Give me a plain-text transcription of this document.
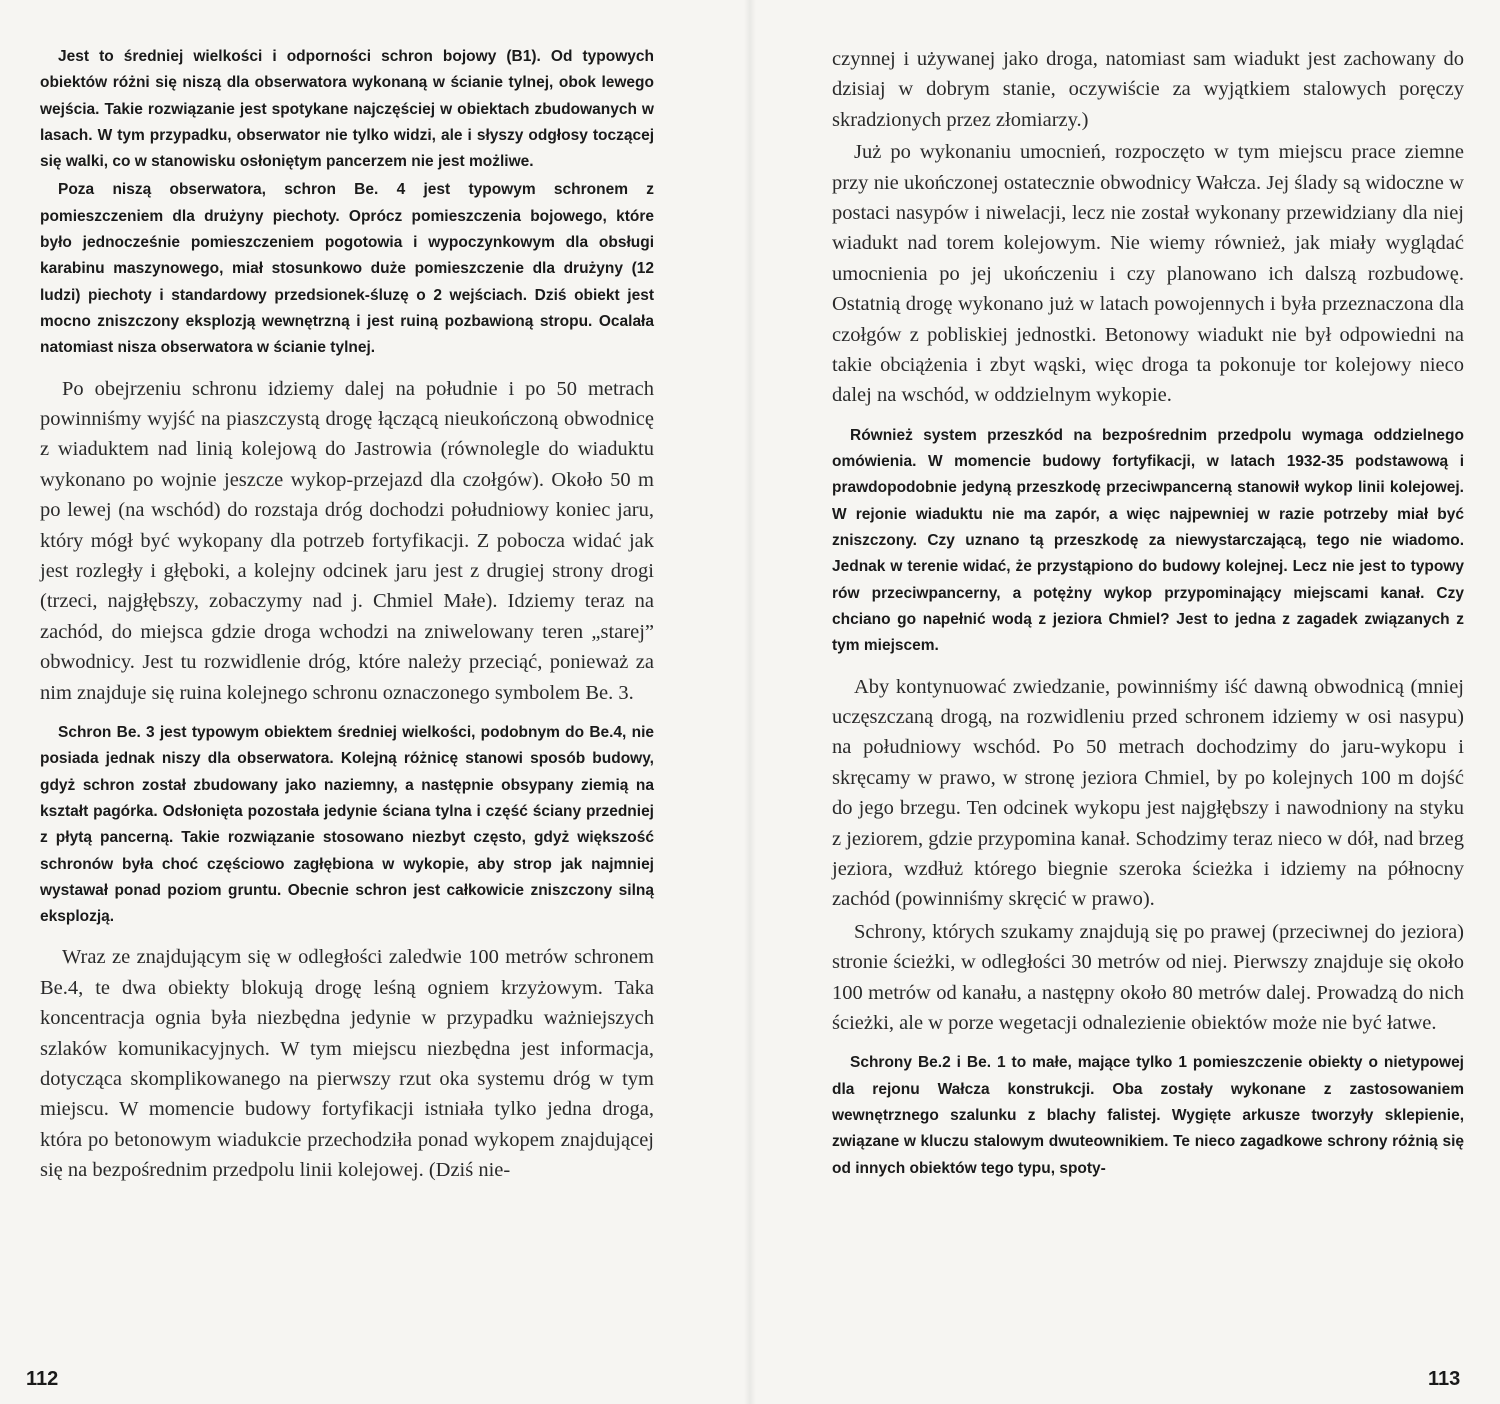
Jest to średniej wielkości i odporności schron bojowy (B1). Od typowych obiektów różni się niszą dla obserwatora wykonaną w ścianie tylnej, obok lewego wejścia. Takie rozwiązanie jest spotykane najczęściej w obiektach zbudowanych w lasach. W tym przypadku, obserwator nie tylko widzi, ale i słyszy odgłosy toczącej się walki, co w stanowisku osłoniętym pancerzem nie jest możliwe.

Poza niszą obserwatora, schron Be. 4 jest typowym schronem z pomieszczeniem dla drużyny piechoty. Oprócz pomieszczenia bojowego, które było jednocześnie pomieszczeniem pogotowia i wypoczynkowym dla obsługi karabinu maszynowego, miał stosunkowo duże pomieszczenie dla drużyny (12 ludzi) piechoty i standardowy przedsionek-śluzę o 2 wejściach. Dziś obiekt jest mocno zniszczony eksplozją wewnętrzną i jest ruiną pozbawioną stropu. Ocalała natomiast nisza obserwatora w ścianie tylnej.

Po obejrzeniu schronu idziemy dalej na południe i po 50 metrach powinniśmy wyjść na piaszczystą drogę łączącą nieukończoną obwodnicę z wiaduktem nad linią kolejową do Jastrowia (równolegle do wiaduktu wykonano po wojnie jeszcze wykop-przejazd dla czołgów). Około 50 m po lewej (na wschód) do rozstaja dróg dochodzi południowy koniec jaru, który mógł być wykopany dla potrzeb fortyfikacji. Z pobocza widać jak jest rozległy i głęboki, a kolejny odcinek jaru jest z drugiej strony drogi (trzeci, najgłębszy, zobaczymy nad j. Chmiel Małe). Idziemy teraz na zachód, do miejsca gdzie droga wchodzi na zniwelowany teren „starej” obwodnicy. Jest tu rozwidlenie dróg, które należy przeciąć, ponieważ za nim znajduje się ruina kolejnego schronu oznaczonego symbolem Be. 3.

Schron Be. 3 jest typowym obiektem średniej wielkości, podobnym do Be.4, nie posiada jednak niszy dla obserwatora. Kolejną różnicę stanowi sposób budowy, gdyż schron został zbudowany jako naziemny, a następnie obsypany ziemią na kształt pagórka. Odsłonięta pozostała jedynie ściana tylna i część ściany przedniej z płytą pancerną. Takie rozwiązanie stosowano niezbyt często, gdyż większość schronów była choć częściowo zagłębiona w wykopie, aby strop jak najmniej wystawał ponad poziom gruntu. Obecnie schron jest całkowicie zniszczony silną eksplozją.

Wraz ze znajdującym się w odległości zaledwie 100 metrów schronem Be.4, te dwa obiekty blokują drogę leśną ogniem krzyżowym. Taka koncentracja ognia była niezbędna jedynie w przypadku ważniejszych szlaków komunikacyjnych. W tym miejscu niezbędna jest informacja, dotycząca skomplikowanego na pierwszy rzut oka systemu dróg w tym miejscu. W momencie budowy fortyfikacji istniała tylko jedna droga, która po betonowym wiadukcie przechodziła ponad wykopem znajdującej się na bezpośrednim przedpolu linii kolejowej. (Dziś nie-

112

czynnej i używanej jako droga, natomiast sam wiadukt jest zachowany do dzisiaj w dobrym stanie, oczywiście za wyjątkiem stalowych poręczy skradzionych przez złomiarzy.)

Już po wykonaniu umocnień, rozpoczęto w tym miejscu prace ziemne przy nie ukończonej ostatecznie obwodnicy Wałcza. Jej ślady są widoczne w postaci nasypów i niwelacji, lecz nie został wykonany przewidziany dla niej wiadukt nad torem kolejowym. Nie wiemy również, jak miały wyglądać umocnienia po jej ukończeniu i czy planowano ich dalszą rozbudowę. Ostatnią drogę wykonano już w latach powojennych i była przeznaczona dla czołgów z pobliskiej jednostki. Betonowy wiadukt nie był odpowiedni na takie obciążenia i zbyt wąski, więc droga ta pokonuje tor kolejowy nieco dalej na wschód, w oddzielnym wykopie.

Również system przeszkód na bezpośrednim przedpolu wymaga oddzielnego omówienia. W momencie budowy fortyfikacji, w latach 1932-35 podstawową i prawdopodobnie jedyną przeszkodę przeciwpancerną stanowił wykop linii kolejowej. W rejonie wiaduktu nie ma zapór, a więc najpewniej w razie potrzeby miał być zniszczony. Czy uznano tą przeszkodę za niewystarczającą, tego nie wiadomo. Jednak w terenie widać, że przystąpiono do budowy kolejnej. Lecz nie jest to typowy rów przeciwpancerny, a potężny wykop przypominający miejscami kanał. Czy chciano go napełnić wodą z jeziora Chmiel? Jest to jedna z zagadek związanych z tym miejscem.

Aby kontynuować zwiedzanie, powinniśmy iść dawną obwodnicą (mniej uczęszczaną drogą, na rozwidleniu przed schronem idziemy w osi nasypu) na południowy wschód. Po 50 metrach dochodzimy do jaru-wykopu i skręcamy w prawo, w stronę jeziora Chmiel, by po kolejnych 100 m dojść do jego brzegu. Ten odcinek wykopu jest najgłębszy i nawodniony na styku z jeziorem, gdzie przypomina kanał. Schodzimy teraz nieco w dół, nad brzeg jeziora, wzdłuż którego biegnie szeroka ścieżka i idziemy na północny zachód (powinniśmy skręcić w prawo).

Schrony, których szukamy znajdują się po prawej (przeciwnej do jeziora) stronie ścieżki, w odległości 30 metrów od niej. Pierwszy znajduje się około 100 metrów od kanału, a następny około 80 metrów dalej. Prowadzą do nich ścieżki, ale w porze wegetacji odnalezienie obiektów może nie być łatwe.

Schrony Be.2 i Be. 1 to małe, mające tylko 1 pomieszczenie obiekty o nietypowej dla rejonu Wałcza konstrukcji. Oba zostały wykonane z zastosowaniem wewnętrznego szalunku z blachy falistej. Wygięte arkusze tworzyły sklepienie, związane w kluczu stalowym dwuteownikiem. Te nieco zagadkowe schrony różnią się od innych obiektów tego typu, spoty-

113
